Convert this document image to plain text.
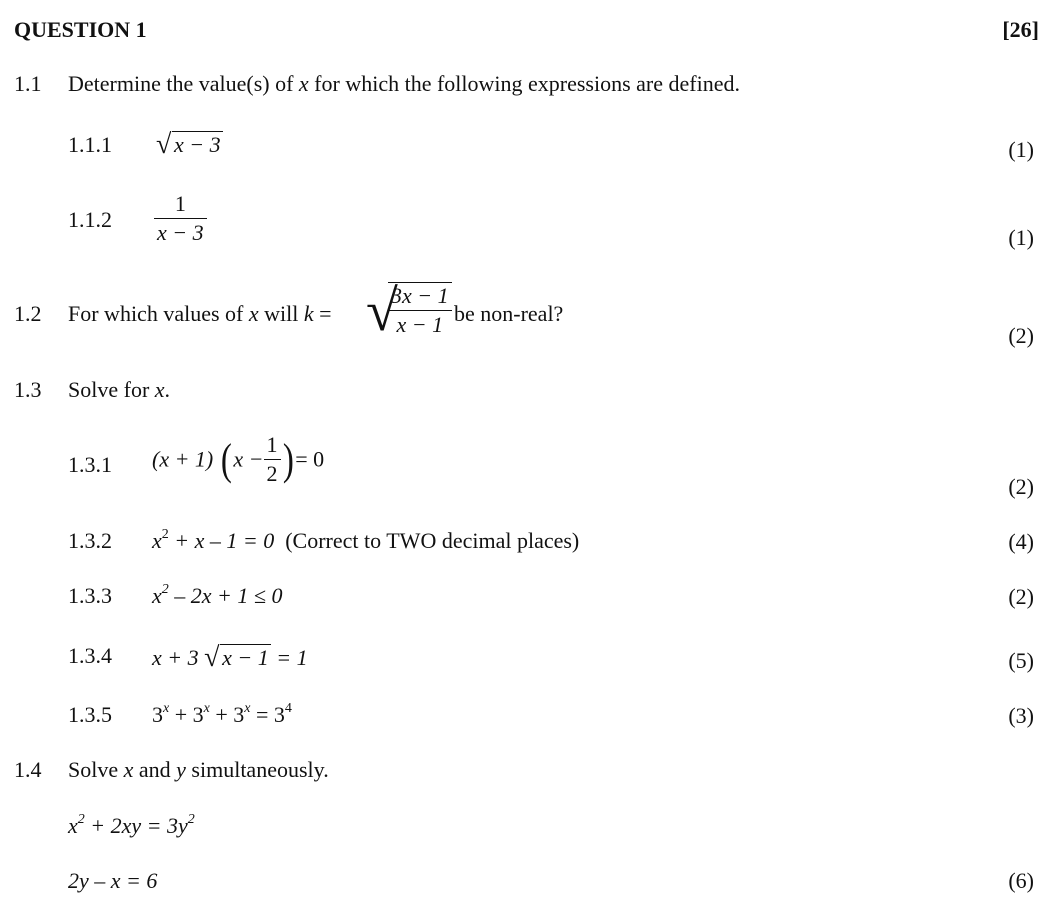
QUESTION 1	[26]
1.1 Determine the value(s) of x for which the following expressions are defined.
1.1.1 √ x − 3	(1)
$1.1.2 \frac{1}{x - 3}$	(1)
1.2 For which values of x will k = √
$\frac{3x - 1}{x - 1}$ be non-real?
(2)
1.3 Solve for x.
1.3.1 (x + 1) ($x - \frac{1}{2}$ )= 0
(2)
1.3.2 $x^2 + x - 1 = 0$ (Correct to TWO decimal places)	(4)
1.3.3 $x^2 - 2x + 1 \le 0$	(2)
1.3.4 x + 3 √ x − 1 = 1	(5)
1.3.5 $3^x + 3^x + 3^x = 3^4$	(3)
1.4 Solve x and y simultaneously.
$x^2 + 2xy = 3y^2$
2y – x = 6	(6)
